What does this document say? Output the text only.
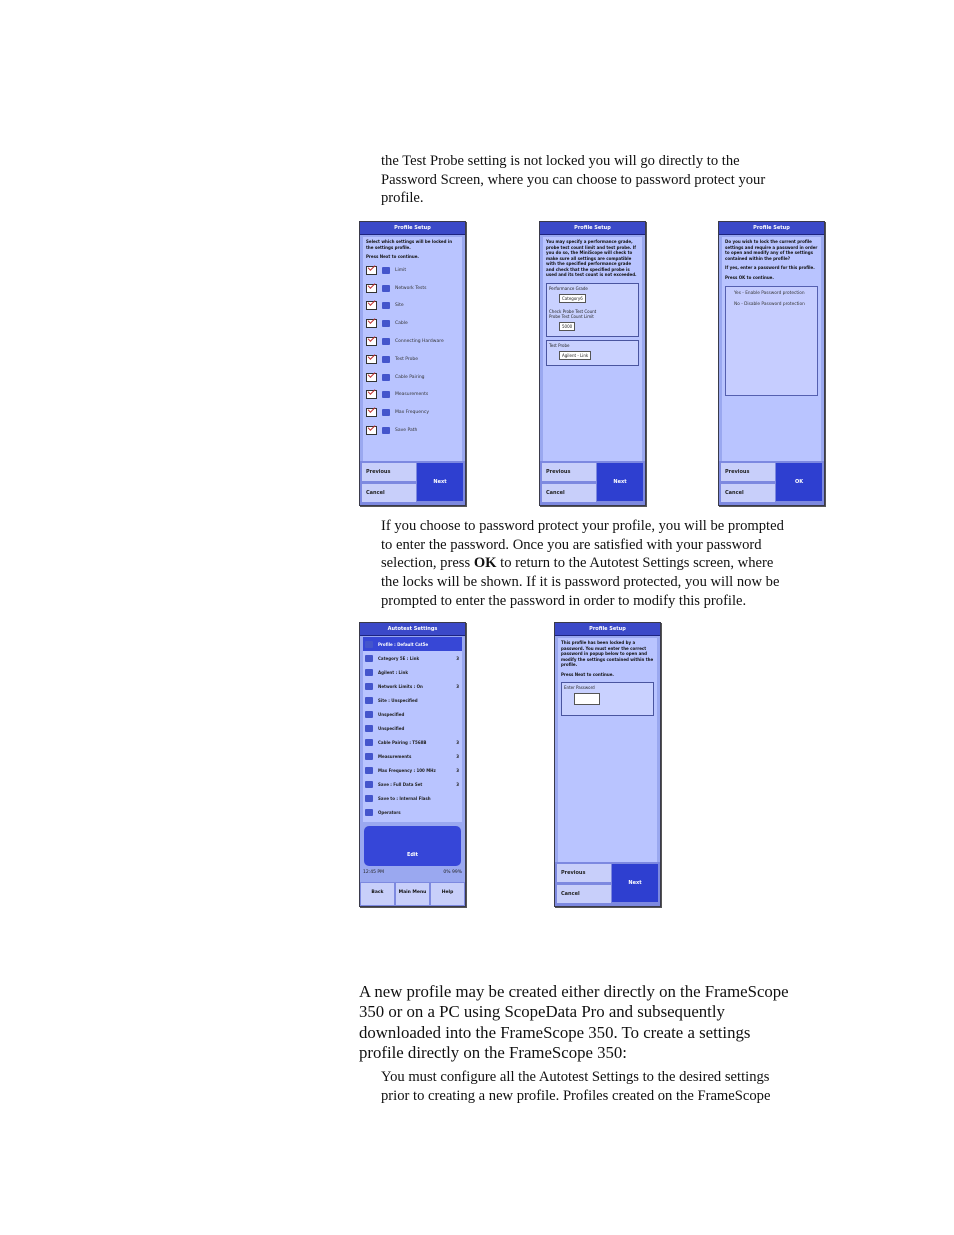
the Test Probe setting is not locked you will go directly to the
Password Screen, where you can choose to password protect your
profile.
Profile Setup
Select which settings will be locked in the settings profile.
Press Next to continue.
Limit
Network Tests
Site
Cable
Connecting Hardware
Test Probe
Cable Pairing
Measurements
Max Frequency
Save Path
Previous
Cancel
Next
Profile Setup
You may specify a performance grade, probe test count limit and test probe. If you do so, the MiniScope will check to make sure all settings are compatible with the specified performance grade and check that the specified probe is used and its test count is not exceeded.
Performance Grade
Category6
Check Probe Test Count
Probe Test Count Limit
5000
Test Probe
Agilent - Link
Previous
Cancel
Next
Profile Setup
Do you wish to lock the current profile settings and require a password in order to open and modify any of the settings contained within the profile?
If yes, enter a password for this profile.
Press OK to continue.
Yes - Enable Password protection
No - Disable Password protection
Previous
Cancel
OK
If you choose to password protect your profile, you will be prompted
to enter the password. Once you are satisfied with your password
selection, press OK to return to the Autotest Settings screen, where
the locks will be shown. If it is password protected, you will now be
prompted to enter the password in order to modify this profile.
Autotest Settings
Profile : Default Cat5e
Category 5E : Link	3
Agilent : Link
Network Limits : On	3
Site : Unspecified
Unspecified
Unspecified
Cable Pairing : T568B	3
Measurements	3
Max Frequency : 100 MHz	3
Save : Full Data Set	3
Save to : Internal Flash
Operators
Edit
12:45 PM	0% 99%
Back	Main Menu	Help
Profile Setup
This profile has been locked by a password. You must enter the correct password in popup below to open and modify the settings contained within the profile.
Press Next to continue.
Enter Password
Previous
Cancel
Next
A new profile may be created either directly on the FrameScope
350 or on a PC using ScopeData Pro and subsequently
downloaded into the FrameScope 350. To create a settings
profile directly on the FrameScope 350:
You must configure all the Autotest Settings to the desired settings
prior to creating a new profile. Profiles created on the FrameScope
